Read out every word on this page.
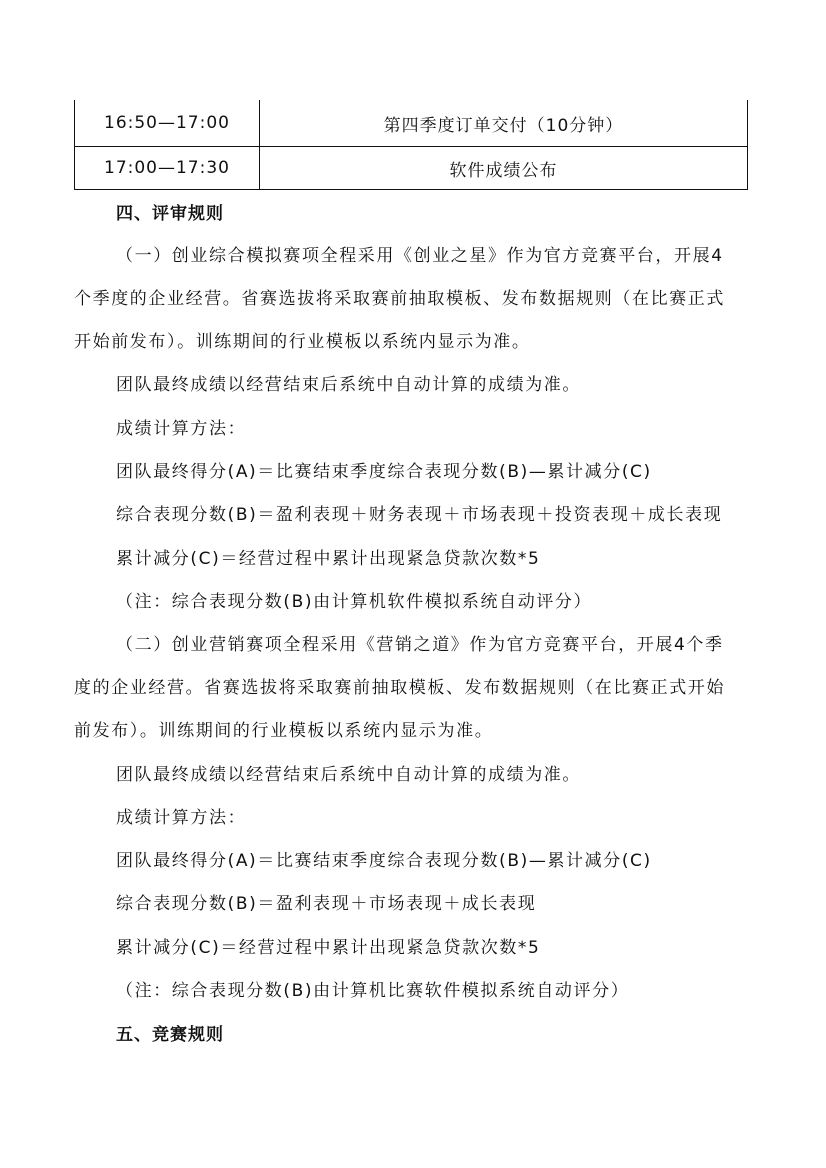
16:50—17:00	第四季度订单交付（10分钟）
17:00—17:30	软件成绩公布
四、评审规则
（一）创业综合模拟赛项全程采用《创业之星》作为官方竞赛平台，开展4
个季度的企业经营。省赛选拔将采取赛前抽取模板、发布数据规则（在比赛正式
开始前发布）。训练期间的行业模板以系统内显示为准。
团队最终成绩以经营结束后系统中自动计算的成绩为准。
成绩计算方法：
团队最终得分(A)＝比赛结束季度综合表现分数(B)—累计减分(C)
综合表现分数(B)＝盈利表现＋财务表现＋市场表现＋投资表现＋成长表现
累计减分(C)＝经营过程中累计出现紧急贷款次数*5
（注：综合表现分数(B)由计算机软件模拟系统自动评分）
（二）创业营销赛项全程采用《营销之道》作为官方竞赛平台，开展4个季
度的企业经营。省赛选拔将采取赛前抽取模板、发布数据规则（在比赛正式开始
前发布）。训练期间的行业模板以系统内显示为准。
团队最终成绩以经营结束后系统中自动计算的成绩为准。
成绩计算方法：
团队最终得分(A)＝比赛结束季度综合表现分数(B)—累计减分(C)
综合表现分数(B)＝盈利表现＋市场表现＋成长表现
累计减分(C)＝经营过程中累计出现紧急贷款次数*5
（注：综合表现分数(B)由计算机比赛软件模拟系统自动评分）
五、竞赛规则
